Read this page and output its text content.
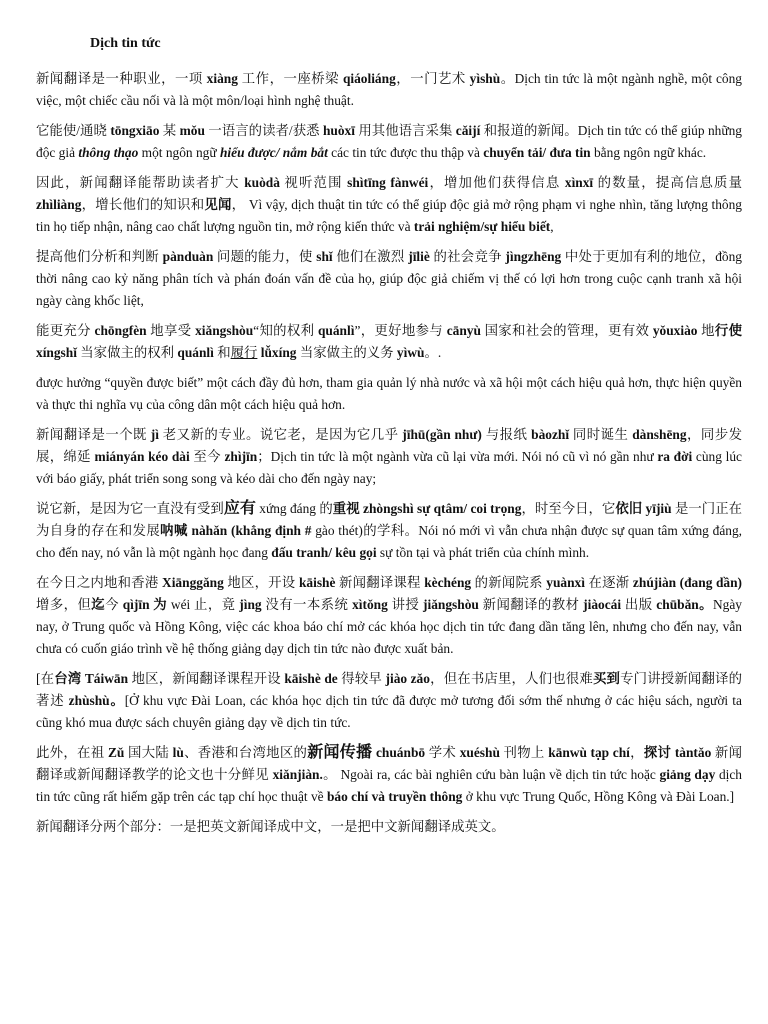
Dịch tin tức

新闻翻译是一种职业，一项 xiàng 工作，一座桥梁 qiáoliáng，一门艺术 yìshù。Dịch tin tức là một ngành nghề, một công việc, một chiếc cầu nối và là một môn/loại hình nghệ thuật.

它能使/通晓 tōngxiāo 某 mǒu 一语言的读者/获悉 huòxī 用其他语言采集 cǎijí 和报道的新闻。Dịch tin tức có thể giúp những độc giả thông thạo một ngôn ngữ hiểu được/ nắm bắt các tin tức được thu thập và chuyển tải/ đưa tin bằng ngôn ngữ khác.

因此，新闻翻译能帮助读者扩大 kuòdà 视听范围 shìtīng fànwéi，增加他们获得信息 xìnxī 的数量，提高信息质量 zhìliàng，增长他们的知识和见闻， Vì vậy, dịch thuật tin tức có thể giúp độc giả mở rộng phạm vi nghe nhìn, tăng lượng thông tin họ tiếp nhận, nâng cao chất lượng nguồn tin, mở rộng kiến thức và trải nghiệm/sự hiểu biết,

提高他们分析和判断 pànduàn 问题的能力，使 shǐ 他们在激烈 jīliè 的社会竞争 jìngzhēng 中处于更加有利的地位，đồng thời nâng cao kỷ năng phân tích và phán đoán vấn đề của họ, giúp độc giả chiếm vị thế có lợi hơn trong cuộc cạnh tranh xã hội ngày càng khốc liệt,

能更充分 chōngfèn 地享受 xiǎngshòu“知的权利 quánlì”，更好地参与 cānyù 国家和社会的管理，更有效 yǒuxiào 地行使 xíngshǐ 当家做主的权利 quánlì 和履行 lǚxíng 当家做主的义务 yìwù。.

được hưởng “quyền được biết” một cách đầy đủ hơn, tham gia quản lý nhà nước và xã hội một cách hiệu quả hơn, thực hiện quyền và thực thi nghĩa vụ của công dân một cách hiệu quả hơn.

新闻翻译是一个既 jì 老又新的专业。说它老，是因为它几乎 jīhū(gần như) 与报纸 bàozhǐ 同时诞生 dànshēng，同步发展，绵延 miányán kéo dài 至今 zhìjīn；Dịch tin tức là một ngành vừa cũ lại vừa mới. Nói nó cũ vì nó gần như ra đời cùng lúc với báo giấy, phát triển song song và kéo dài cho đến ngày nay;

说它新，是因为它一直没有受到应有 xứng đáng 的重视 zhòngshì sự qtâm/ coi trọng，时至今日，它依旧 yījiù 是一门正在为自身的存在和发展呐喊 nàhǎn (khẳng định # gào thét)的学科。Nói nó mới vì vẫn chưa nhận được sự quan tâm xứng đáng, cho đến nay, nó vẫn là một ngành học đang đấu tranh/ kêu gọi sự tồn tại và phát triển của chính mình.

在今日之内地和香港 Xiānggǎng 地区，开设 kāishè 新闻翻译课程 kèchéng 的新闻院系 yuànxì 在逐渐 zhújiàn (đang dần) 增多，但迄今 qìjīn 为 wéi 止，竟 jìng 没有一本系统 xìtǒng 讲授 jiǎngshòu 新闻翻译的教材 jiàocái 出版 chūbǎn。Ngày nay, ở Trung quốc và Hồng Kông, việc các khoa báo chí mở các khóa học dịch tin tức đang dần tăng lên, nhưng cho đến nay, vẫn chưa có cuốn giáo trình về hệ thống giảng dạy dịch tin tức nào được xuất bản.

[在台湾 Táiwān 地区，新闻翻译课程开设 kāishè de 得较早 jiào zǎo，但在书店里，人们也很难买到专门讲授新闻翻译的著述 zhùshù。[Ở khu vực Đài Loan, các khóa học dịch tin tức đã được mở tương đối sớm thế nhưng ở các hiệu sách, người ta cũng khó mua được sách chuyên giảng dạy về dịch tin tức.

此外，在祖 Zǔ 国大陆 lù、香港和台湾地区的新闻传播 chuánbō 学术 xuéshù 刊物上 kānwù tạp chí，探讨 tàntǎo 新闻翻译或新闻翻译教学的论文也十分鲜见 xiǎnjiàn.。 Ngoài ra, các bài nghiên cứu bàn luận về dịch tin tức hoặc giảng dạy dịch tin tức cũng rất hiếm gặp trên các tạp chí học thuật về báo chí và truyền thông ở khu vực Trung Quốc, Hồng Kông và Đài Loan.]

新闻翻译分两个部分：一是把英文新闻译成中文，一是把中文新闻翻译成英文。
